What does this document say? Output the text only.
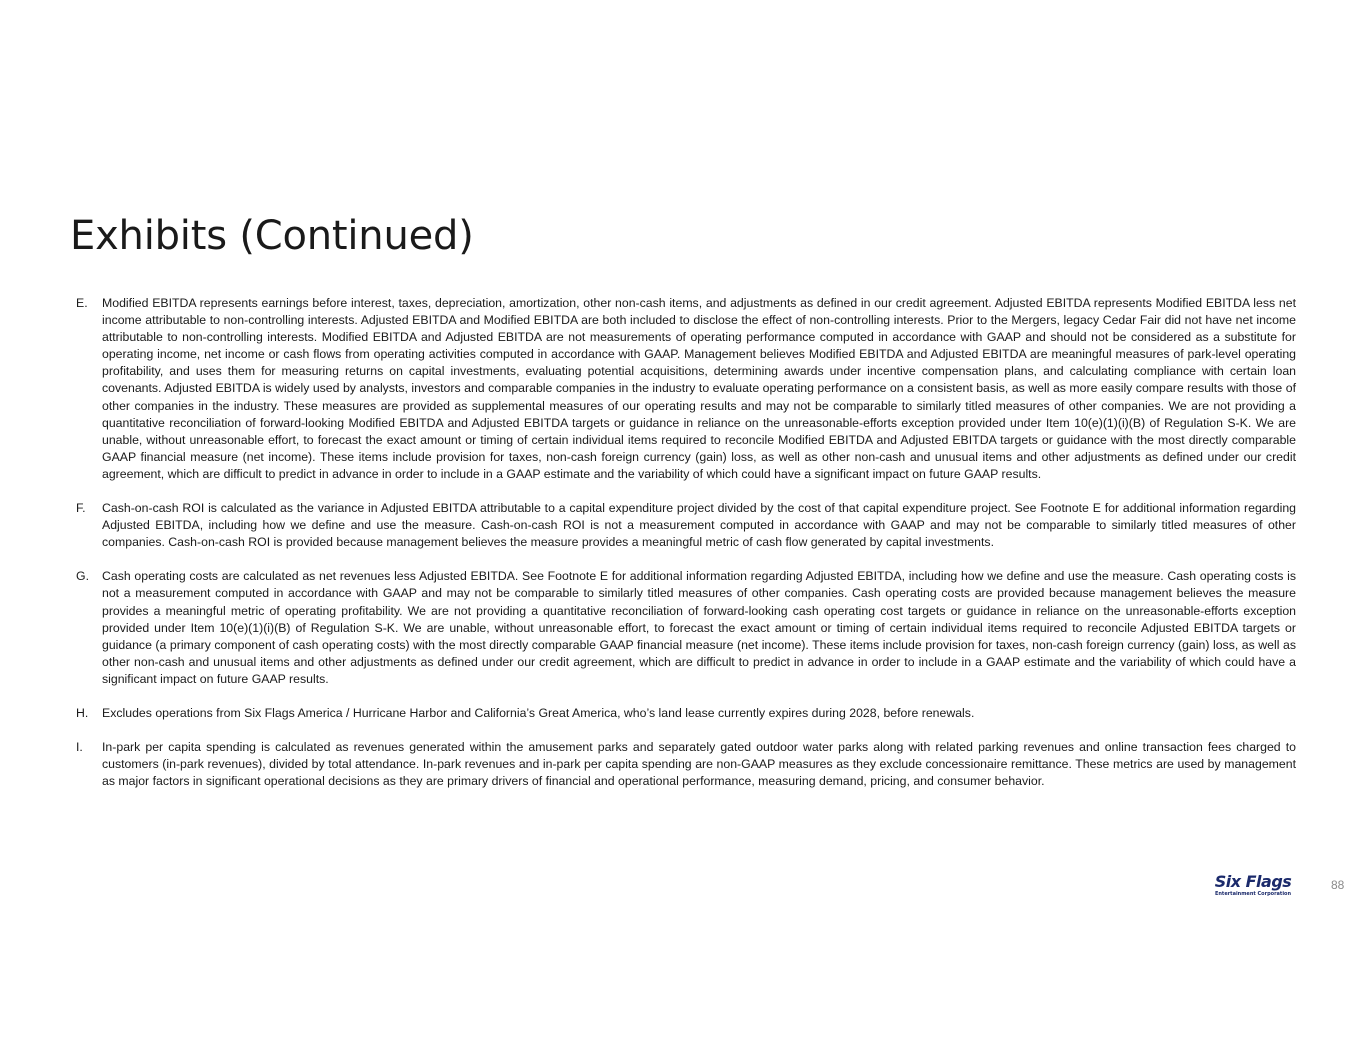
Exhibits (Continued)
E. Modified EBITDA represents earnings before interest, taxes, depreciation, amortization, other non-cash items, and adjustments as defined in our credit agreement. Adjusted EBITDA represents Modified EBITDA less net income attributable to non-controlling interests. Adjusted EBITDA and Modified EBITDA are both included to disclose the effect of non-controlling interests. Prior to the Mergers, legacy Cedar Fair did not have net income attributable to non-controlling interests. Modified EBITDA and Adjusted EBITDA are not measurements of operating performance computed in accordance with GAAP and should not be considered as a substitute for operating income, net income or cash flows from operating activities computed in accordance with GAAP. Management believes Modified EBITDA and Adjusted EBITDA are meaningful measures of park-level operating profitability, and uses them for measuring returns on capital investments, evaluating potential acquisitions, determining awards under incentive compensation plans, and calculating compliance with certain loan covenants. Adjusted EBITDA is widely used by analysts, investors and comparable companies in the industry to evaluate operating performance on a consistent basis, as well as more easily compare results with those of other companies in the industry. These measures are provided as supplemental measures of our operating results and may not be comparable to similarly titled measures of other companies. We are not providing a quantitative reconciliation of forward-looking Modified EBITDA and Adjusted EBITDA targets or guidance in reliance on the unreasonable-efforts exception provided under Item 10(e)(1)(i)(B) of Regulation S-K. We are unable, without unreasonable effort, to forecast the exact amount or timing of certain individual items required to reconcile Modified EBITDA and Adjusted EBITDA targets or guidance with the most directly comparable GAAP financial measure (net income). These items include provision for taxes, non-cash foreign currency (gain) loss, as well as other non-cash and unusual items and other adjustments as defined under our credit agreement, which are difficult to predict in advance in order to include in a GAAP estimate and the variability of which could have a significant impact on future GAAP results.
F. Cash-on-cash ROI is calculated as the variance in Adjusted EBITDA attributable to a capital expenditure project divided by the cost of that capital expenditure project. See Footnote E for additional information regarding Adjusted EBITDA, including how we define and use the measure. Cash-on-cash ROI is not a measurement computed in accordance with GAAP and may not be comparable to similarly titled measures of other companies. Cash-on-cash ROI is provided because management believes the measure provides a meaningful metric of cash flow generated by capital investments.
G. Cash operating costs are calculated as net revenues less Adjusted EBITDA. See Footnote E for additional information regarding Adjusted EBITDA, including how we define and use the measure. Cash operating costs is not a measurement computed in accordance with GAAP and may not be comparable to similarly titled measures of other companies. Cash operating costs are provided because management believes the measure provides a meaningful metric of operating profitability. We are not providing a quantitative reconciliation of forward-looking cash operating cost targets or guidance in reliance on the unreasonable-efforts exception provided under Item 10(e)(1)(i)(B) of Regulation S-K. We are unable, without unreasonable effort, to forecast the exact amount or timing of certain individual items required to reconcile Adjusted EBITDA targets or guidance (a primary component of cash operating costs) with the most directly comparable GAAP financial measure (net income). These items include provision for taxes, non-cash foreign currency (gain) loss, as well as other non-cash and unusual items and other adjustments as defined under our credit agreement, which are difficult to predict in advance in order to include in a GAAP estimate and the variability of which could have a significant impact on future GAAP results.
H. Excludes operations from Six Flags America / Hurricane Harbor and California’s Great America, who’s land lease currently expires during 2028, before renewals.
I. In-park per capita spending is calculated as revenues generated within the amusement parks and separately gated outdoor water parks along with related parking revenues and online transaction fees charged to customers (in-park revenues), divided by total attendance. In-park revenues and in-park per capita spending are non-GAAP measures as they exclude concessionaire remittance. These metrics are used by management as major factors in significant operational decisions as they are primary drivers of financial and operational performance, measuring demand, pricing, and consumer behavior.
Six Flags
Entertainment Corporation
88
